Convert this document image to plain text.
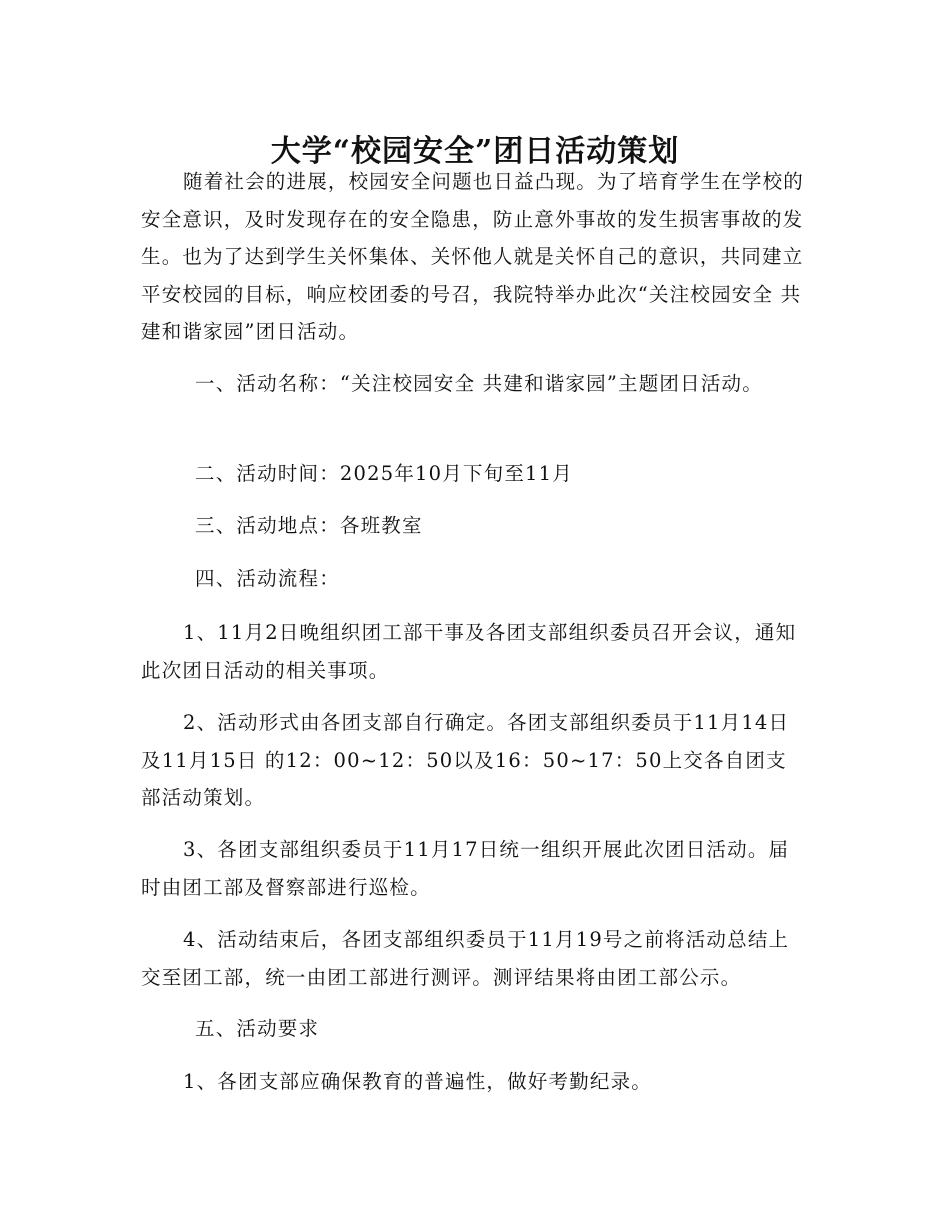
大学“校园安全”团日活动策划

随着社会的进展，校园安全问题也日益凸现。为了培育学生在学校的安全意识，及时发现存在的安全隐患，防止意外事故的发生损害事故的发生。也为了达到学生关怀集体、关怀他人就是关怀自己的意识，共同建立平安校园的目标，响应校团委的号召，我院特举办此次“关注校园安全 共建和谐家园”团日活动。

一、活动名称：“关注校园安全 共建和谐家园”主题团日活动。

二、活动时间：2025年10月下旬至11月

三、活动地点：各班教室

四、活动流程：

1、11月2日晚组织团工部干事及各团支部组织委员召开会议，通知此次团日活动的相关事项。

2、活动形式由各团支部自行确定。各团支部组织委员于11月14日及11月15日 的12：00~12：50以及16：50~17：50上交各自团支部活动策划。

3、各团支部组织委员于11月17日统一组织开展此次团日活动。届时由团工部及督察部进行巡检。

4、活动结束后，各团支部组织委员于11月19号之前将活动总结上交至团工部，统一由团工部进行测评。测评结果将由团工部公示。

五、活动要求

1、各团支部应确保教育的普遍性，做好考勤纪录。
